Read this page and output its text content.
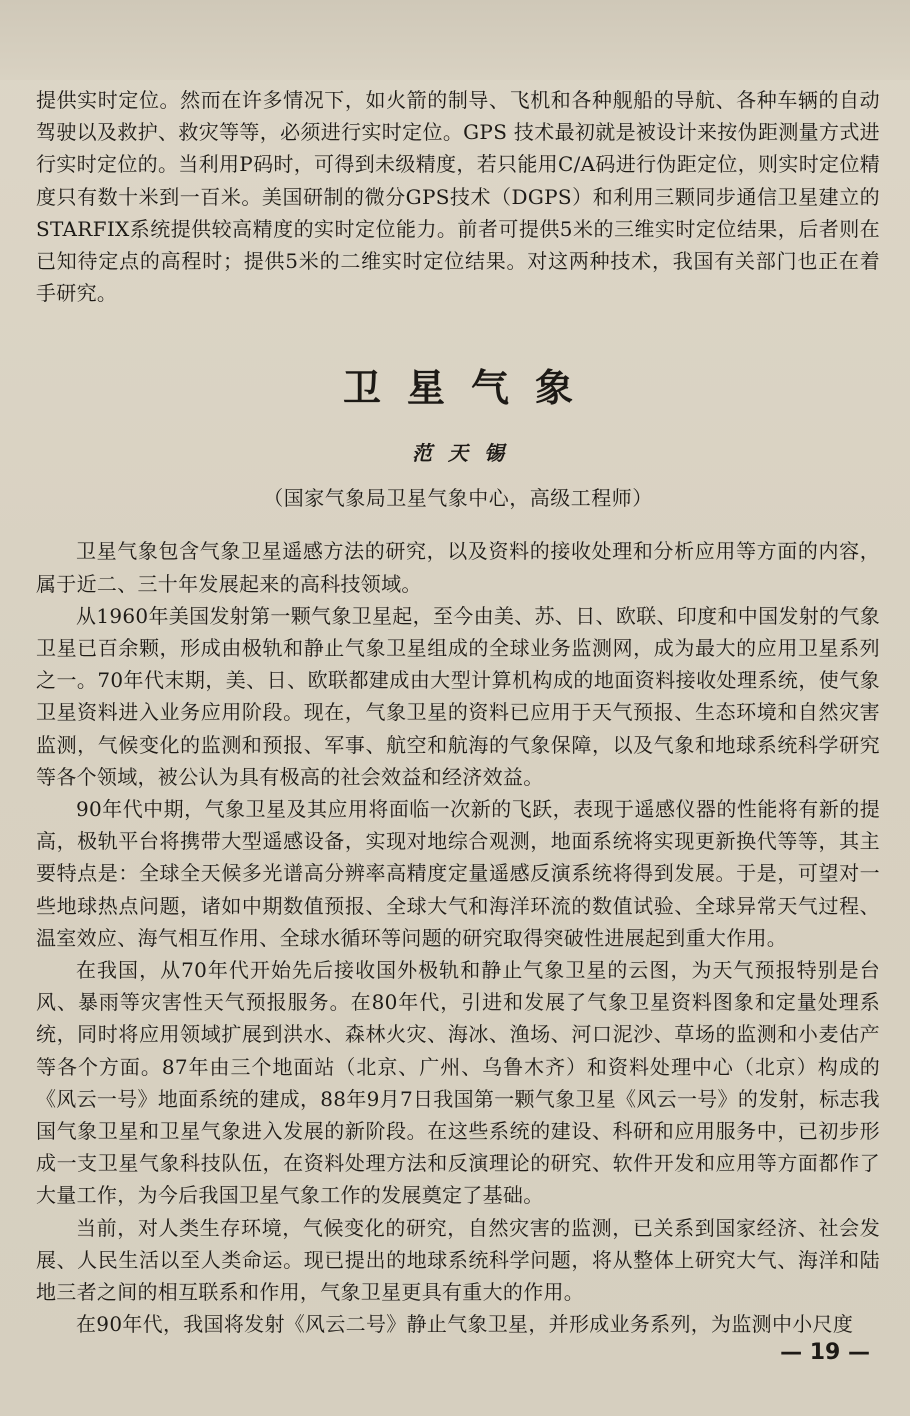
提供实时定位。然而在许多情况下，如火箭的制导、飞机和各种舰船的导航、各种车辆的自动驾驶以及救护、救灾等等，必须进行实时定位。GPS 技术最初就是被设计来按伪距测量方式进行实时定位的。当利用P码时，可得到未级精度，若只能用C/A码进行伪距定位，则实时定位精度只有数十米到一百米。美国研制的微分GPS技术（DGPS）和利用三颗同步通信卫星建立的STARFIX系统提供较高精度的实时定位能力。前者可提供5米的三维实时定位结果，后者则在已知待定点的高程时；提供5米的二维实时定位结果。对这两种技术，我国有关部门也正在着手研究。

卫星气象
范天锡
（国家气象局卫星气象中心，高级工程师）

卫星气象包含气象卫星遥感方法的研究，以及资料的接收处理和分析应用等方面的内容，属于近二、三十年发展起来的高科技领域。

从1960年美国发射第一颗气象卫星起，至今由美、苏、日、欧联、印度和中国发射的气象卫星已百余颗，形成由极轨和静止气象卫星组成的全球业务监测网，成为最大的应用卫星系列之一。70年代末期，美、日、欧联都建成由大型计算机构成的地面资料接收处理系统，使气象卫星资料进入业务应用阶段。现在，气象卫星的资料已应用于天气预报、生态环境和自然灾害监测，气候变化的监测和预报、军事、航空和航海的气象保障，以及气象和地球系统科学研究等各个领域，被公认为具有极高的社会效益和经济效益。

90年代中期，气象卫星及其应用将面临一次新的飞跃，表现于遥感仪器的性能将有新的提高，极轨平台将携带大型遥感设备，实现对地综合观测，地面系统将实现更新换代等等，其主要特点是：全球全天候多光谱高分辨率高精度定量遥感反演系统将得到发展。于是，可望对一些地球热点问题，诸如中期数值预报、全球大气和海洋环流的数值试验、全球异常天气过程、温室效应、海气相互作用、全球水循环等问题的研究取得突破性进展起到重大作用。

在我国，从70年代开始先后接收国外极轨和静止气象卫星的云图，为天气预报特别是台风、暴雨等灾害性天气预报服务。在80年代，引进和发展了气象卫星资料图象和定量处理系统，同时将应用领域扩展到洪水、森林火灾、海冰、渔场、河口泥沙、草场的监测和小麦估产等各个方面。87年由三个地面站（北京、广州、乌鲁木齐）和资料处理中心（北京）构成的《风云一号》地面系统的建成，88年9月7日我国第一颗气象卫星《风云一号》的发射，标志我国气象卫星和卫星气象进入发展的新阶段。在这些系统的建设、科研和应用服务中，已初步形成一支卫星气象科技队伍，在资料处理方法和反演理论的研究、软件开发和应用等方面都作了大量工作，为今后我国卫星气象工作的发展奠定了基础。

当前，对人类生存环境，气候变化的研究，自然灾害的监测，已关系到国家经济、社会发展、人民生活以至人类命运。现已提出的地球系统科学问题，将从整体上研究大气、海洋和陆地三者之间的相互联系和作用，气象卫星更具有重大的作用。

在90年代，我国将发射《风云二号》静止气象卫星，并形成业务系列，为监测中小尺度

— 19 —
